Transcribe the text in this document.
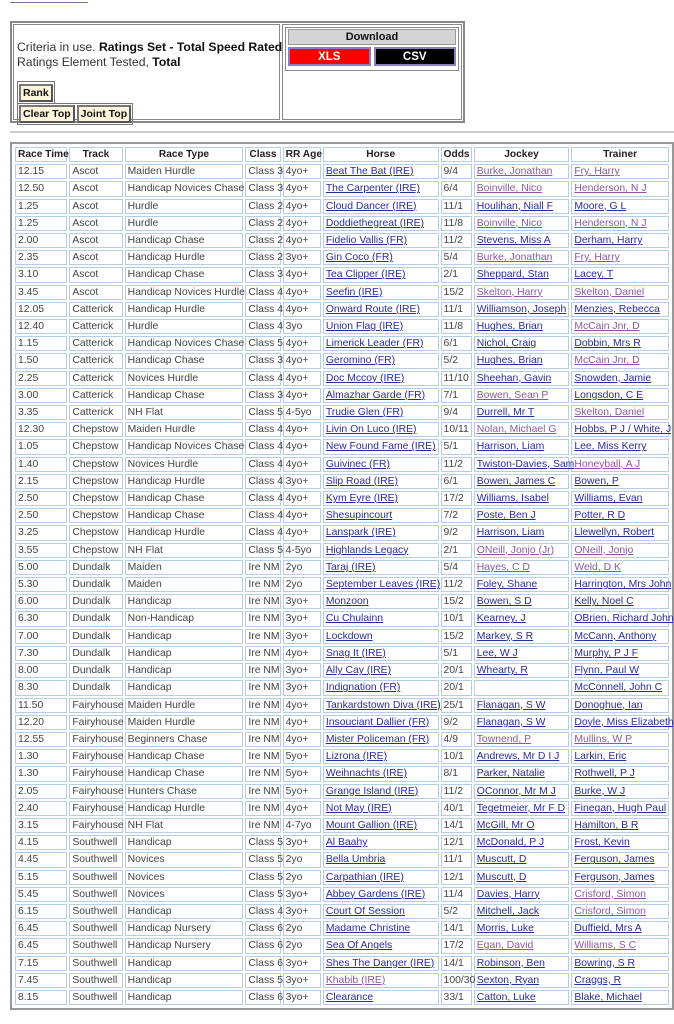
Criteria in use. Ratings Set - Total Speed Rated
Ratings Element Tested, Total
Rank
Clear Top Joint Top
Download
XLS	CSV
Race Time	Track	Race Type	Class	RR Age	Horse	Odds	Jockey	Trainer
12.15	Ascot	Maiden Hurdle	Class 3	4yo+	Beat The Bat (IRE)	9/4	Burke, Jonathan	Fry, Harry
12.50	Ascot	Handicap Novices Chase	Class 3	4yo+	The Carpenter (IRE)	6/4	Boinville, Nico	Henderson, N J
1.25	Ascot	Hurdle	Class 2	4yo+	Cloud Dancer (IRE)	11/1	Houlihan, Niall F	Moore, G L
1.25	Ascot	Hurdle	Class 2	4yo+	Doddiethegreat (IRE)	11/8	Boinville, Nico	Henderson, N J
2.00	Ascot	Handicap Chase	Class 2	4yo+	Fidelio Vallis (FR)	11/2	Stevens, Miss A	Derham, Harry
2.35	Ascot	Handicap Hurdle	Class 2	3yo+	Gin Coco (FR)	5/4	Burke, Jonathan	Fry, Harry
3.10	Ascot	Handicap Chase	Class 3	4yo+	Tea Clipper (IRE)	2/1	Sheppard, Stan	Lacey, T
3.45	Ascot	Handicap Novices Hurdle	Class 4	4yo+	Seefin (IRE)	15/2	Skelton, Harry	Skelton, Daniel
12.05	Catterick	Handicap Hurdle	Class 4	4yo+	Onward Route (IRE)	11/1	Williamson, Joseph	Menzies, Rebecca
12.40	Catterick	Hurdle	Class 4	3yo	Union Flag (IRE)	11/8	Hughes, Brian	McCain Jnr, D
1.15	Catterick	Handicap Novices Chase	Class 5	4yo+	Limerick Leader (FR)	6/1	Nichol, Craig	Dobbin, Mrs R
1.50	Catterick	Handicap Chase	Class 3	4yo+	Geromino (FR)	5/2	Hughes, Brian	McCain Jnr, D
2.25	Catterick	Novices Hurdle	Class 4	4yo+	Doc Mccoy (IRE)	11/10	Sheehan, Gavin	Snowden, Jamie
3.00	Catterick	Handicap Chase	Class 3	4yo+	Almazhar Garde (FR)	7/1	Bowen, Sean P	Longsdon, C E
3.35	Catterick	NH Flat	Class 5	4-5yo	Trudie Glen (FR)	9/4	Durrell, Mr T	Skelton, Daniel
12.30	Chepstow	Maiden Hurdle	Class 4	4yo+	Livin On Luco (IRE)	10/11	Nolan, Michael G	Hobbs, P J / White, J
1.05	Chepstow	Handicap Novices Chase	Class 4	4yo+	New Found Fame (IRE)	5/1	Harrison, Liam	Lee, Miss Kerry
1.40	Chepstow	Novices Hurdle	Class 4	4yo+	Guivinec (FR)	11/2	Twiston-Davies, Sam	Honeyball, A J
2.15	Chepstow	Handicap Hurdle	Class 4	3yo+	Slip Road (IRE)	6/1	Bowen, James C	Bowen, P
2.50	Chepstow	Handicap Chase	Class 4	4yo+	Kym Eyre (IRE)	17/2	Williams, Isabel	Williams, Evan
2.50	Chepstow	Handicap Chase	Class 4	4yo+	Shesupincourt	7/2	Poste, Ben J	Potter, R D
3.25	Chepstow	Handicap Hurdle	Class 4	4yo+	Lanspark (IRE)	9/2	Harrison, Liam	Llewellyn, Robert
3.55	Chepstow	NH Flat	Class 5	4-5yo	Highlands Legacy	2/1	ONeill, Jonjo (Jr)	ONeill, Jonjo
5.00	Dundalk	Maiden	Ire NM	2yo	Taraj (IRE)	5/4	Hayes, C D	Weld, D K
5.30	Dundalk	Maiden	Ire NM	2yo	September Leaves (IRE)	11/2	Foley, Shane	Harrington, Mrs John
6.00	Dundalk	Handicap	Ire NM	3yo+	Monzoon	15/2	Bowen, S D	Kelly, Noel C
6.30	Dundalk	Non-Handicap	Ire NM	3yo+	Cu Chulainn	10/1	Kearney, J	OBrien, Richard John
7.00	Dundalk	Handicap	Ire NM	3yo+	Lockdown	15/2	Markey, S R	McCann, Anthony
7.30	Dundalk	Handicap	Ire NM	4yo+	Snag It (IRE)	5/1	Lee, W J	Murphy, P J F
8.00	Dundalk	Handicap	Ire NM	3yo+	Ally Cay (IRE)	20/1	Whearty, R	Flynn, Paul W
8.30	Dundalk	Handicap	Ire NM	3yo+	Indignation (FR)	20/1		McConnell, John C
11.50	Fairyhouse	Maiden Hurdle	Ire NM	4yo+	Tankardstown Diva (IRE)	25/1	Flanagan, S W	Donoghue, Ian
12.20	Fairyhouse	Maiden Hurdle	Ire NM	4yo+	Insouciant Dallier (FR)	9/2	Flanagan, S W	Doyle, Miss Elizabeth
12.55	Fairyhouse	Beginners Chase	Ire NM	4yo+	Mister Policeman (FR)	4/9	Townend, P	Mullins, W P
1.30	Fairyhouse	Handicap Chase	Ire NM	5yo+	Lizrona (IRE)	10/1	Andrews, Mr D I J	Larkin, Eric
1.30	Fairyhouse	Handicap Chase	Ire NM	5yo+	Weihnachts (IRE)	8/1	Parker, Natalie	Rothwell, P J
2.05	Fairyhouse	Hunters Chase	Ire NM	5yo+	Grange Island (IRE)	11/2	OConnor, Mr M J	Burke, W J
2.40	Fairyhouse	Handicap Hurdle	Ire NM	4yo+	Not May (IRE)	40/1	Tegetmeier, Mr F D	Finegan, Hugh Paul
3.15	Fairyhouse	NH Flat	Ire NM	4-7yo	Mount Gallion (IRE)	14/1	McGill, Mr O	Hamilton, B R
4.15	Southwell	Handicap	Class 5	3yo+	Al Baahy	12/1	McDonald, P J	Frost, Kevin
4.45	Southwell	Novices	Class 5	2yo	Bella Umbria	11/1	Muscutt, D	Ferguson, James
5.15	Southwell	Novices	Class 5	2yo	Carpathian (IRE)	12/1	Muscutt, D	Ferguson, James
5.45	Southwell	Novices	Class 5	3yo+	Abbey Gardens (IRE)	11/4	Davies, Harry	Crisford, Simon
6.15	Southwell	Handicap	Class 4	3yo+	Court Of Session	5/2	Mitchell, Jack	Crisford, Simon
6.45	Southwell	Handicap Nursery	Class 6	2yo	Madame Christine	14/1	Morris, Luke	Duffield, Mrs A
6.45	Southwell	Handicap Nursery	Class 6	2yo	Sea Of Angels	17/2	Egan, David	Williams, S C
7.15	Southwell	Handicap	Class 6	3yo+	Shes The Danger (IRE)	14/1	Robinson, Ben	Bowring, S R
7.45	Southwell	Handicap	Class 5	3yo+	Khabib (IRE)	100/30	Sexton, Ryan	Craggs, R
8.15	Southwell	Handicap	Class 6	3yo+	Clearance	33/1	Catton, Luke	Blake, Michael
